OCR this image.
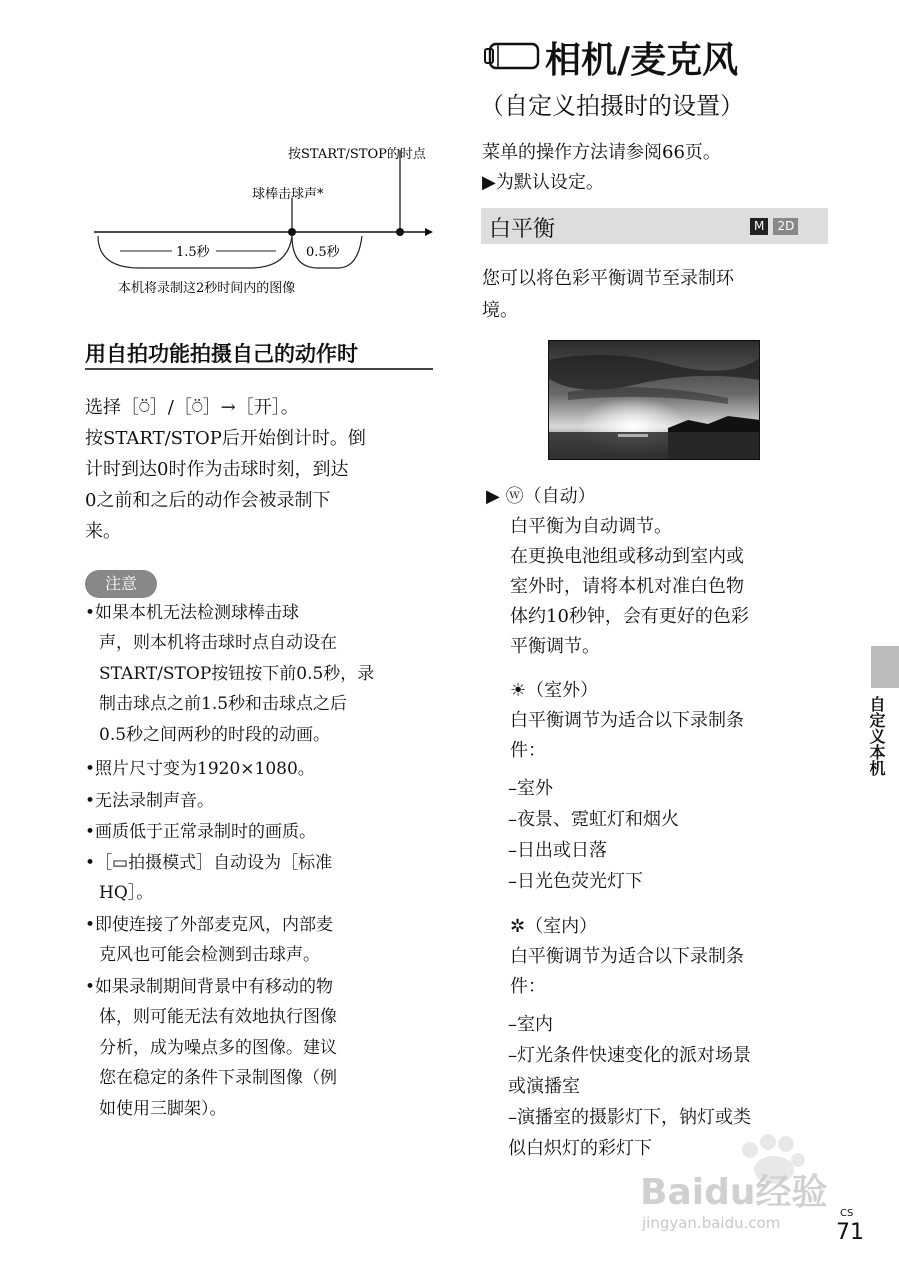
按START/STOP的时点
球棒击球声*
1.5秒	0.5秒
本机将录制这2秒时间内的图像
用自拍功能拍摄自己的动作时
选择［⍥］/［⍥］→［开］。
按START/STOP后开始倒计时。倒
计时到达0时作为击球时刻，到达
0之前和之后的动作会被录制下
来。
注意
•如果本机无法检测球棒击球
声，则本机将击球时点自动设在
START/STOP按钮按下前0.5秒，录
制击球点之前1.5秒和击球点之后
0.5秒之间两秒的时段的动画。
•照片尺寸变为1920×1080。
•无法录制声音。
•画质低于正常录制时的画质。
•［▭拍摄模式］自动设为［标准
HQ］。
•即使连接了外部麦克风，内部麦
克风也可能会检测到击球声。
•如果录制期间背景中有移动的物
体，则可能无法有效地执行图像
分析，成为噪点多的图像。建议
您在稳定的条件下录制图像（例
如使用三脚架）。
相机/麦克风
（自定义拍摄时的设置）
菜单的操作方法请参阅66页。
▶为默认设定。
白平衡	M 2D
您可以将色彩平衡调节至录制环
境。
▶ ⓦ（自动）
白平衡为自动调节。
在更换电池组或移动到室内或
室外时，请将本机对准白色物
体约10秒钟，会有更好的色彩
平衡调节。
☀（室外）
白平衡调节为适合以下录制条
件：
–室外
–夜景、霓虹灯和烟火
–日出或日落
–日光色荧光灯下
✲（室内）
白平衡调节为适合以下录制条
件：
–室内
–灯光条件快速变化的派对场景
或演播室
–演播室的摄影灯下，钠灯或类
似白炽灯的彩灯下
自定义本机
Baidu经验
jingyan.baidu.com
CS
71
